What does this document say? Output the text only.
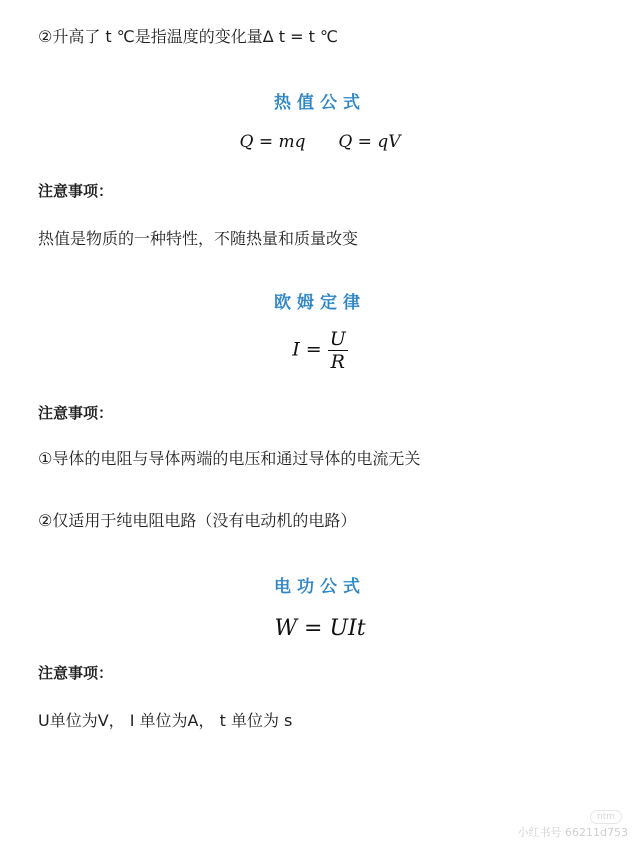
②升高了 t ℃是指温度的变化量Δ t = t ℃
热值公式
Q = mq Q = qV
注意事项：
热值是物质的一种特性，不随热量和质量改变
欧姆定律
$I = \frac{U}{R}$
注意事项：
①导体的电阻与导体两端的电压和通过导体的电流无关
②仅适用于纯电阻电路（没有电动机的电路）
电功公式
W = UIt
注意事项：
U单位为V， I 单位为A， t 单位为 s
ntm
小红书号 66211d753
